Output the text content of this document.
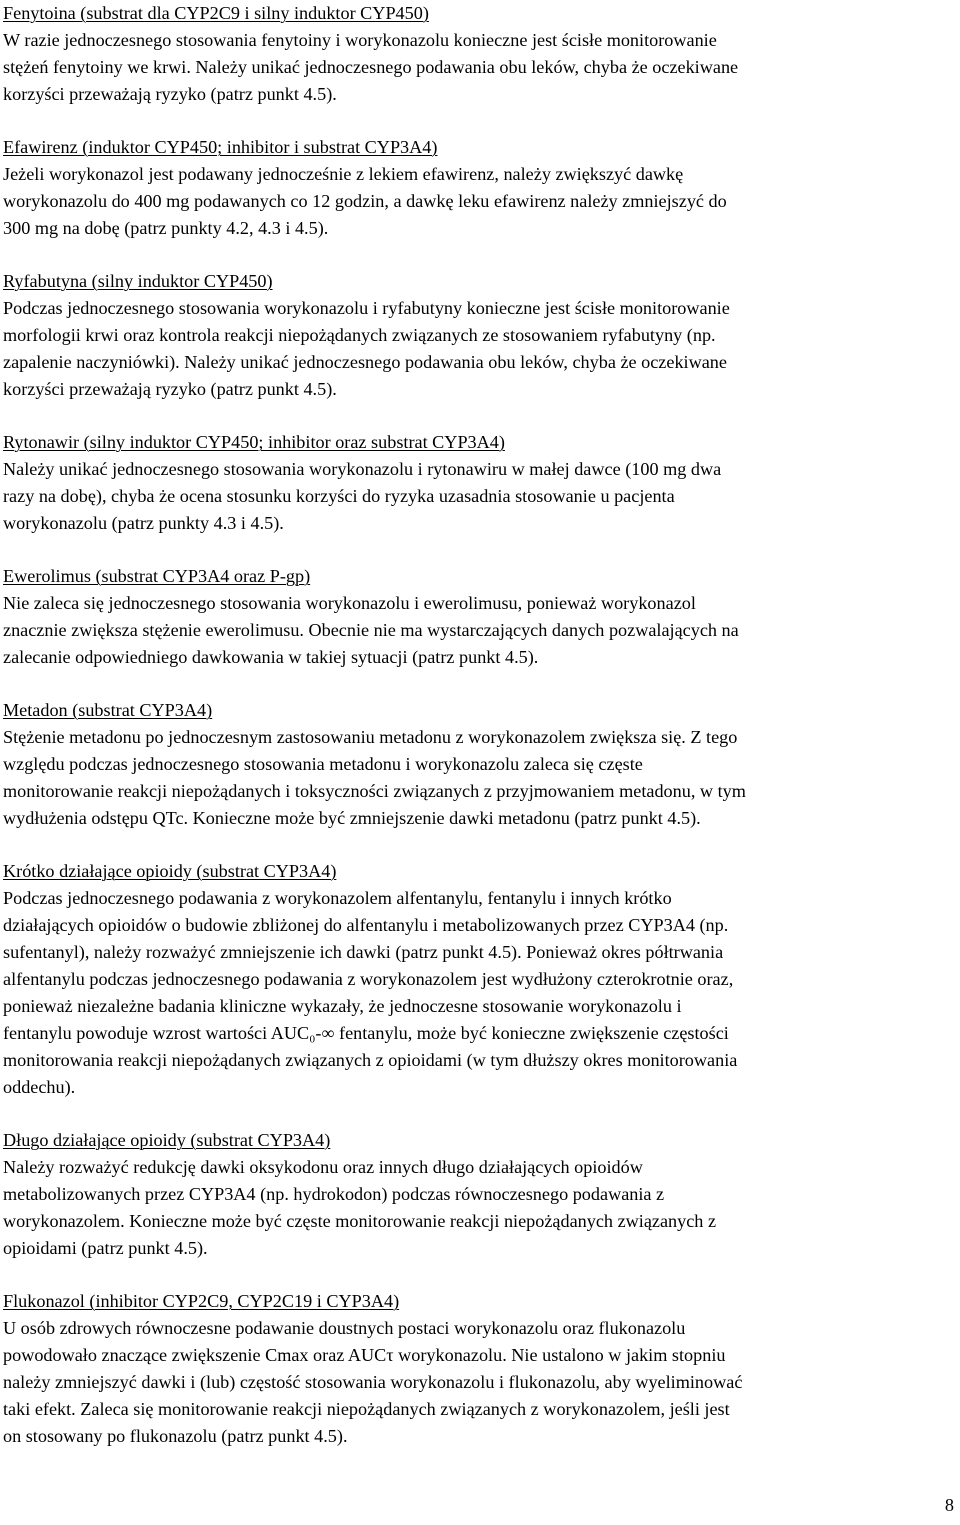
Fenytoina (substrat dla CYP2C9 i silny induktor CYP450)
W razie jednoczesnego stosowania fenytoiny i worykonazolu konieczne jest ścisłe monitorowanie
stężeń fenytoiny we krwi. Należy unikać jednoczesnego podawania obu leków, chyba że oczekiwane
korzyści przeważają ryzyko (patrz punkt 4.5).
Efawirenz (induktor CYP450; inhibitor i substrat CYP3A4)
Jeżeli worykonazol jest podawany jednocześnie z lekiem efawirenz, należy zwiększyć dawkę
worykonazolu do 400 mg podawanych co 12 godzin, a dawkę leku efawirenz należy zmniejszyć do
300 mg na dobę (patrz punkty 4.2, 4.3 i 4.5).
Ryfabutyna (silny induktor CYP450)
Podczas jednoczesnego stosowania worykonazolu i ryfabutyny konieczne jest ścisłe monitorowanie
morfologii krwi oraz kontrola reakcji niepożądanych związanych ze stosowaniem ryfabutyny (np.
zapalenie naczyniówki). Należy unikać jednoczesnego podawania obu leków, chyba że oczekiwane
korzyści przeważają ryzyko (patrz punkt 4.5).
Rytonawir (silny induktor CYP450; inhibitor oraz substrat CYP3A4)
Należy unikać jednoczesnego stosowania worykonazolu i rytonawiru w małej dawce (100 mg dwa
razy na dobę), chyba że ocena stosunku korzyści do ryzyka uzasadnia stosowanie u pacjenta
worykonazolu (patrz punkty 4.3 i 4.5).
Ewerolimus (substrat CYP3A4 oraz P-gp)
Nie zaleca się jednoczesnego stosowania worykonazolu i ewerolimusu, ponieważ worykonazol
znacznie zwiększa stężenie ewerolimusu. Obecnie nie ma wystarczających danych pozwalających na
zalecanie odpowiedniego dawkowania w takiej sytuacji (patrz punkt 4.5).
Metadon (substrat CYP3A4)
Stężenie metadonu po jednoczesnym zastosowaniu metadonu z worykonazolem zwiększa się. Z tego
względu podczas jednoczesnego stosowania metadonu i worykonazolu zaleca się częste
monitorowanie reakcji niepożądanych i toksyczności związanych z przyjmowaniem metadonu, w tym
wydłużenia odstępu QTc. Konieczne może być zmniejszenie dawki metadonu (patrz punkt 4.5).
Krótko działające opioidy (substrat CYP3A4)
Podczas jednoczesnego podawania z worykonazolem alfentanylu, fentanylu i innych krótko
działających opioidów o budowie zbliżonej do alfentanylu i metabolizowanych przez CYP3A4 (np.
sufentanyl), należy rozważyć zmniejszenie ich dawki (patrz punkt 4.5). Ponieważ okres półtrwania
alfentanylu podczas jednoczesnego podawania z worykonazolem jest wydłużony czterokrotnie oraz,
ponieważ niezależne badania kliniczne wykazały, że jednoczesne stosowanie worykonazolu i
fentanylu powoduje wzrost wartości AUC₀-∞ fentanylu, może być konieczne zwiększenie częstości
monitorowania reakcji niepożądanych związanych z opioidami (w tym dłuższy okres monitorowania
oddechu).
Długo działające opioidy (substrat CYP3A4)
Należy rozważyć redukcję dawki oksykodonu oraz innych długo działających opioidów
metabolizowanych przez CYP3A4 (np. hydrokodon) podczas równoczesnego podawania z
worykonazolem. Konieczne może być częste monitorowanie reakcji niepożądanych związanych z
opioidami (patrz punkt 4.5).
Flukonazol (inhibitor CYP2C9, CYP2C19 i CYP3A4)
U osób zdrowych równoczesne podawanie doustnych postaci worykonazolu oraz flukonazolu
powodowało znaczące zwiększenie Cmax oraz AUCτ worykonazolu. Nie ustalono w jakim stopniu
należy zmniejszyć dawki i (lub) częstość stosowania worykonazolu i flukonazolu, aby wyeliminować
taki efekt. Zaleca się monitorowanie reakcji niepożądanych związanych z worykonazolem, jeśli jest
on stosowany po flukonazolu (patrz punkt 4.5).
8
